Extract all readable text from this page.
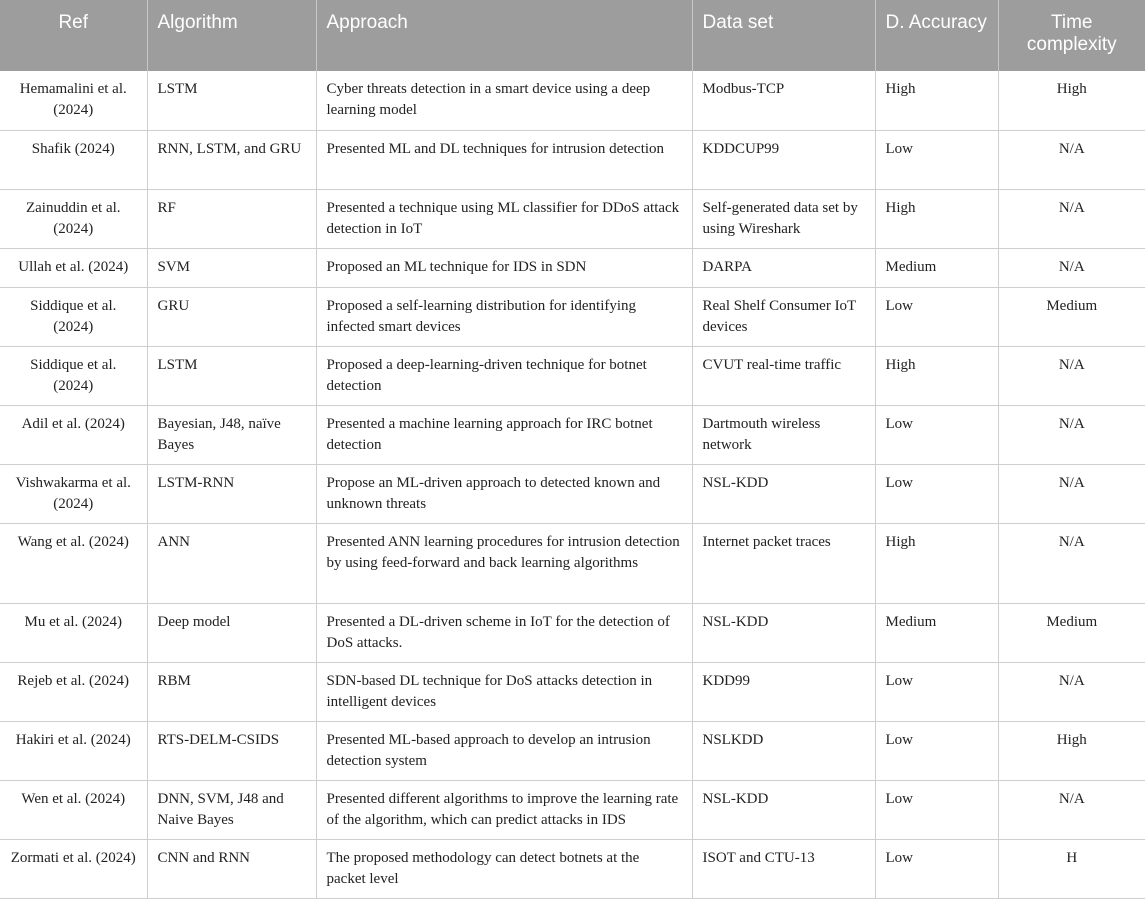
Ref	Algorithm	Approach	Data set	D. Accuracy	Time complexity
Hemamalini et al. (2024)	LSTM	Cyber threats detection in a smart device using a deep learning model	Modbus-TCP	High	High
Shafik (2024)	RNN, LSTM, and GRU	Presented ML and DL techniques for intrusion detection	KDDCUP99	Low	N/A
Zainuddin et al. (2024)	RF	Presented a technique using ML classifier for DDoS attack detection in IoT	Self-generated data set by using Wireshark	High	N/A
Ullah et al. (2024)	SVM	Proposed an ML technique for IDS in SDN	DARPA	Medium	N/A
Siddique et al. (2024)	GRU	Proposed a self-learning distribution for identifying infected smart devices	Real Shelf Consumer IoT devices	Low	Medium
Siddique et al. (2024)	LSTM	Proposed a deep-learning-driven technique for botnet detection	CVUT real-time traffic	High	N/A
Adil et al. (2024)	Bayesian, J48, naïve Bayes	Presented a machine learning approach for IRC botnet detection	Dartmouth wireless network	Low	N/A
Vishwakarma et al. (2024)	LSTM-RNN	Propose an ML-driven approach to detected known and unknown threats	NSL-KDD	Low	N/A
Wang et al. (2024)	ANN	Presented ANN learning procedures for intrusion detection by using feed-forward and back learning algorithms	Internet packet traces	High	N/A
Mu et al. (2024)	Deep model	Presented a DL-driven scheme in IoT for the detection of DoS attacks.	NSL-KDD	Medium	Medium
Rejeb et al. (2024)	RBM	SDN-based DL technique for DoS attacks detection in intelligent devices	KDD99	Low	N/A
Hakiri et al. (2024)	RTS-DELM-CSIDS	Presented ML-based approach to develop an intrusion detection system	NSLKDD	Low	High
Wen et al. (2024)	DNN, SVM, J48 and Naive Bayes	Presented different algorithms to improve the learning rate of the algorithm, which can predict attacks in IDS	NSL-KDD	Low	N/A
Zormati et al. (2024)	CNN and RNN	The proposed methodology can detect botnets at the packet level	ISOT and CTU-13	Low	H
